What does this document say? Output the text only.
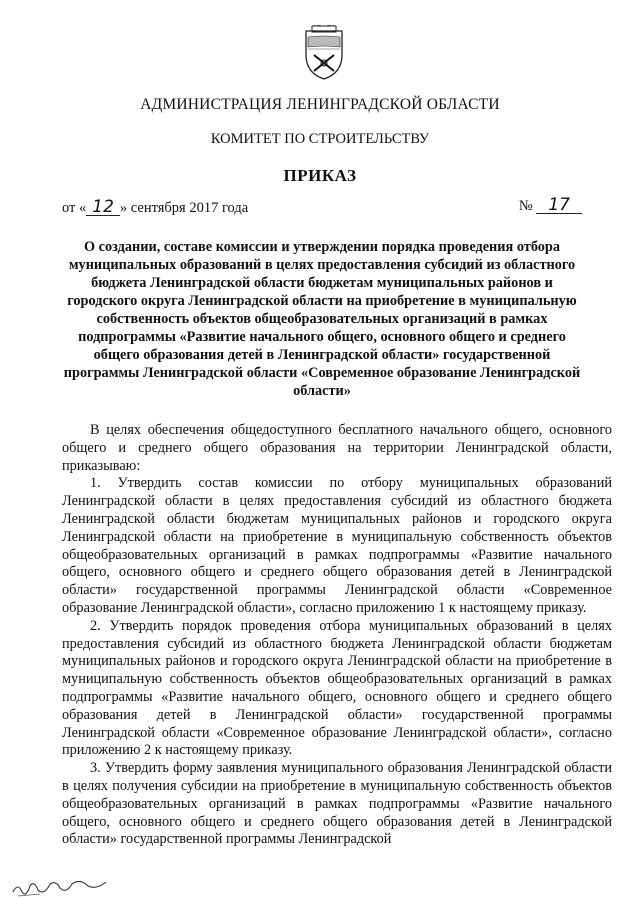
АДМИНИСТРАЦИЯ ЛЕНИНГРАДСКОЙ ОБЛАСТИ
КОМИТЕТ ПО СТРОИТЕЛЬСТВУ
ПРИКАЗ
от « 12 » сентября 2017 года	№ 17
О создании, составе комиссии и утверждении порядка проведения отбора муниципальных образований в целях предоставления субсидий из областного бюджета Ленинградской области бюджетам муниципальных районов и городского округа Ленинградской области на приобретение в муниципальную собственность объектов общеобразовательных организаций в рамках подпрограммы «Развитие начального общего, основного общего и среднего общего образования детей в Ленинградской области» государственной программы Ленинградской области «Современное образование Ленинградской области»

В целях обеспечения общедоступного бесплатного начального общего, основного общего и среднего общего образования на территории Ленинградской области, приказываю:

1. Утвердить состав комиссии по отбору муниципальных образований Ленинградской области в целях предоставления субсидий из областного бюджета Ленинградской области бюджетам муниципальных районов и городского округа Ленинградской области на приобретение в муниципальную собственность объектов общеобразовательных организаций в рамках подпрограммы «Развитие начального общего, основного общего и среднего общего образования детей в Ленинградской области» государственной программы Ленинградской области «Современное образование Ленинградской области», согласно приложению 1 к настоящему приказу.

2. Утвердить порядок проведения отбора муниципальных образований в целях предоставления субсидий из областного бюджета Ленинградской области бюджетам муниципальных районов и городского округа Ленинградской области на приобретение в муниципальную собственность объектов общеобразовательных организаций в рамках подпрограммы «Развитие начального общего, основного общего и среднего общего образования детей в Ленинградской области» государственной программы Ленинградской области «Современное образование Ленинградской области», согласно приложению 2 к настоящему приказу.

3. Утвердить форму заявления муниципального образования Ленинградской области в целях получения субсидии на приобретение в муниципальную собственность объектов общеобразовательных организаций в рамках подпрограммы «Развитие начального общего, основного общего и среднего общего образования детей в Ленинградской области» государственной программы Ленинградской
